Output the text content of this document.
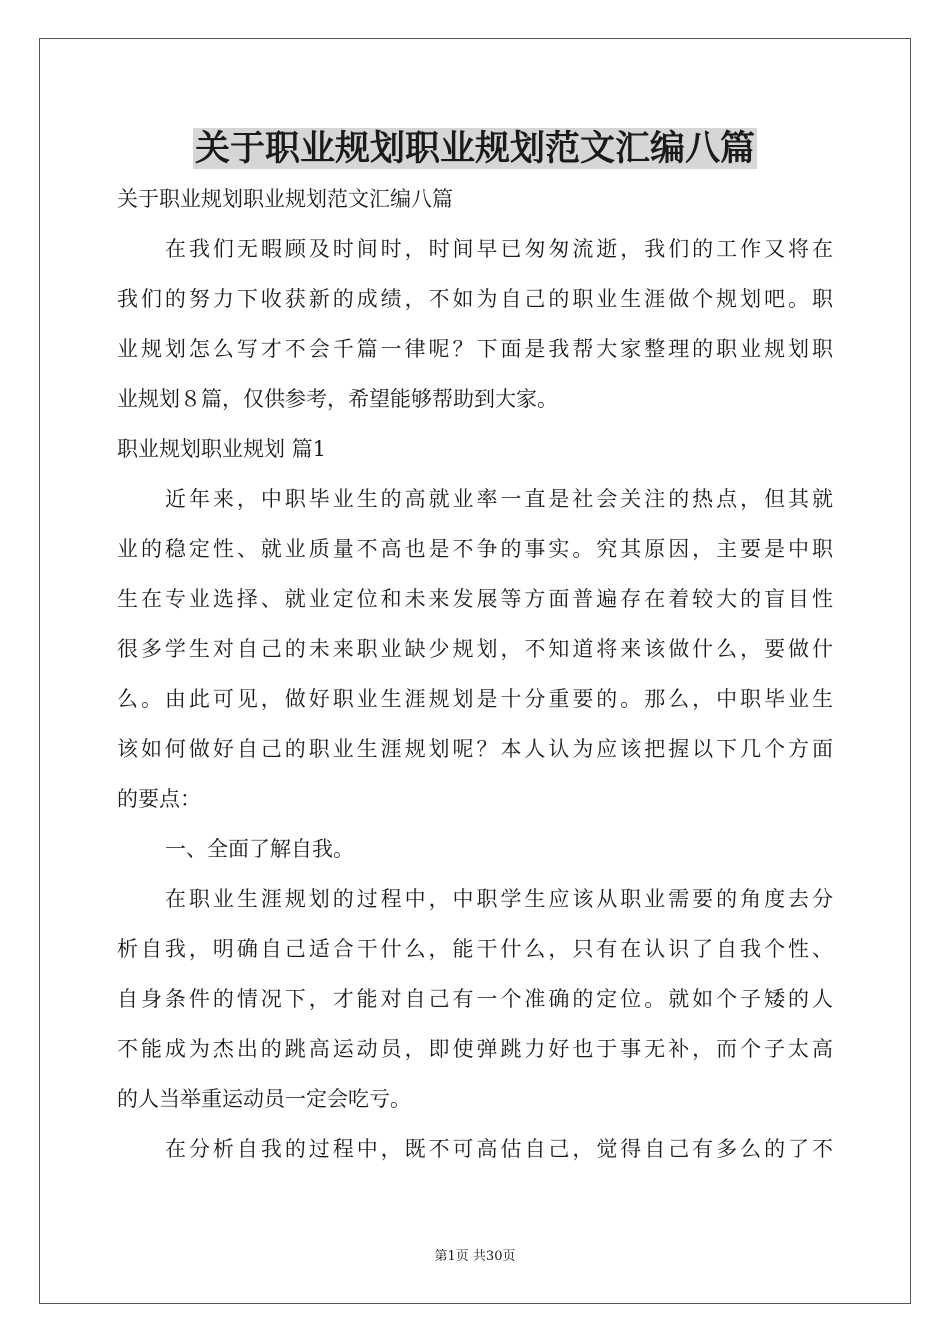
关于职业规划职业规划范文汇编八篇
关于职业规划职业规划范文汇编八篇
在我们无暇顾及时间时，时间早已匆匆流逝，我们的工作又将在
我们的努力下收获新的成绩，不如为自己的职业生涯做个规划吧。职
业规划怎么写才不会千篇一律呢？下面是我帮大家整理的职业规划职
业规划８篇，仅供参考，希望能够帮助到大家。
职业规划职业规划 篇1
近年来，中职毕业生的高就业率一直是社会关注的热点，但其就
业的稳定性、就业质量不高也是不争的事实。究其原因，主要是中职
生在专业选择、就业定位和未来发展等方面普遍存在着较大的盲目性
很多学生对自己的未来职业缺少规划，不知道将来该做什么，要做什
么。由此可见，做好职业生涯规划是十分重要的。那么，中职毕业生
该如何做好自己的职业生涯规划呢？本人认为应该把握以下几个方面
的要点：
一、全面了解自我。
在职业生涯规划的过程中，中职学生应该从职业需要的角度去分
析自我，明确自己适合干什么，能干什么，只有在认识了自我个性、
自身条件的情况下，才能对自己有一个准确的定位。就如个子矮的人
不能成为杰出的跳高运动员，即使弹跳力好也于事无补，而个子太高
的人当举重运动员一定会吃亏。
在分析自我的过程中，既不可高估自己，觉得自己有多么的了不
第1页 共30页
